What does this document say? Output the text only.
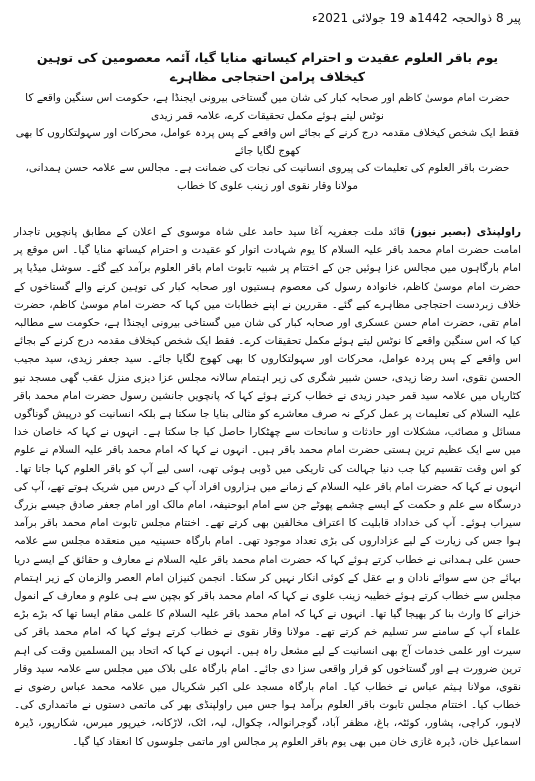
پیر 8 ذوالحجہ 1442ھ 19 جولائی 2021ء
یوم باقر العلوم عقیدت و احترام کیساتھ منایا گیا، آئمہ معصومین کی توہین کیخلاف پرامن احتجاجی مظاہرے

حضرت امام موسیٰ کاظم اور صحابہ کبار کی شان میں گستاخی بیرونی ایجنڈا ہے، حکومت اس سنگین واقعے کا نوٹس لیتے ہوئے مکمل تحقیقات کرے، علامہ قمر زیدی

فقط ایک شخص کیخلاف مقدمہ درج کرنے کے بجائے اس واقعے کے پس پردہ عوامل، محرکات اور سہولتکاروں کا بھی کھوج لگایا جائے

حضرت باقر العلوم کی تعلیمات کی پیروی انسانیت کی نجات کی ضمانت ہے۔ مجالس سے علامہ حسن ہمدانی، مولانا وقار نقوی اور زینب علوی کا خطاب

راولپنڈی (بصیر نیوز) قائد ملت جعفریہ آغا سید حامد علی شاہ موسوی کے اعلان کے مطابق پانچویں تاجدار امامت حضرت امام محمد باقر علیہ السلام کا یوم شہادت اتوار کو عقیدت و احترام کیساتھ منایا گیا۔ اس موقع پر امام بارگاہوں میں مجالس عزا ہوئیں جن کے اختتام پر شبیہ تابوت امام باقر العلوم برآمد کیے گئے۔ سوشل میڈیا پر حضرت امام موسیٰ کاظم، خانوادہ رسول کی معصوم ہستیوں اور صحابہ کبار کی توہین کرنے والے گستاخوں کے خلاف زبردست احتجاجی مظاہرے کیے گئے۔ مقررین نے اپنے خطابات میں کہا کہ حضرت امام موسیٰ کاظم، حضرت امام تقی، حضرت امام حسن عسکری اور صحابہ کبار کی شان میں گستاخی بیرونی ایجنڈا ہے، حکومت سے مطالبہ کیا کہ اس سنگین واقعے کا نوٹس لیتے ہوئے مکمل تحقیقات کرے۔ فقط ایک شخص کیخلاف مقدمہ درج کرنے کے بجائے اس واقعے کے پس پردہ عوامل، محرکات اور سہولتکاروں کا بھی کھوج لگایا جائے۔ سید جعفر زیدی، سید مجیب الحسن نقوی، اسد رضا زیدی، حسن شبیر شگری کی زیر اہتمام سالانہ مجلس عزا دیزی منزل عقب گھی مسجد نیو کٹاریاں میں علامہ سید قمر حیدر زیدی نے خطاب کرتے ہوئے کہا کہ پانچویں جانشین رسول حضرت امام محمد باقر علیہ السلام کی تعلیمات پر عمل کرکے نہ صرف معاشرے کو مثالی بنایا جا سکتا ہے بلکہ انسانیت کو درپیش گوناگوں مسائل و مصائب، مشکلات اور حادثات و سانحات سے چھٹکارا حاصل کیا جا سکتا ہے۔ انہوں نے کہا کہ خاصان خدا میں سے ایک عظیم ترین ہستی حضرت امام محمد باقر ہیں۔ انہوں نے کہا کہ امام محمد باقر علیہ السلام نے علوم کو اس وقت تقسیم کیا جب دنیا جہالت کی تاریکی میں ڈوبی ہوئی تھی، اسی لیے آپ کو باقر العلوم کہا جاتا تھا۔ انہوں نے کہا کہ حضرت امام باقر علیہ السلام کے زمانے میں ہزاروں افراد آپ کے درس میں شریک ہوتے تھے، آپ کی درسگاہ سے علم و حکمت کے ایسے چشمے پھوٹے جن سے امام ابوحنیفہ، امام مالک اور امام جعفر صادق جیسے بزرگ سیراب ہوئے۔ آپ کی خداداد قابلیت کا اعتراف مخالفین بھی کرتے تھے۔ اختتام مجلس تابوت امام محمد باقر برآمد ہوا جس کی زیارت کے لیے عزاداروں کی بڑی تعداد موجود تھی۔ امام بارگاہ حسینیہ میں منعقدہ مجلس سے علامہ حسن علی ہمدانی نے خطاب کرتے ہوئے کہا کہ حضرت امام محمد باقر علیہ السلام نے معارف و حقائق کے ایسے دریا بہائے جن سے سوائے نادان و بے عقل کے کوئی انکار نہیں کر سکتا۔ انجمن کنیزان امام العصر والزمان کے زیر اہتمام مجلس سے خطاب کرتے ہوئے خطیبہ زینب علوی نے کہا کہ امام محمد باقر کو بچپن سے ہی علوم و معارف کے انمول خزانے کا وارث بنا کر بھیجا گیا تھا۔ انہوں نے کہا کہ امام محمد باقر علیہ السلام کا علمی مقام ایسا تھا کہ بڑے بڑے علماء آپ کے سامنے سر تسلیم خم کرتے تھے۔ مولانا وقار نقوی نے خطاب کرتے ہوئے کہا کہ امام محمد باقر کی سیرت اور علمی خدمات آج بھی انسانیت کے لیے مشعل راہ ہیں۔ انہوں نے کہا کہ اتحاد بین المسلمین وقت کی اہم ترین ضرورت ہے اور گستاخوں کو قرار واقعی سزا دی جائے۔ امام بارگاہ علی بلاک میں مجلس سے علامہ سید وقار نقوی، مولانا ہیثم عباس نے خطاب کیا۔ امام بارگاہ مسجد علی اکبر شکریال میں علامہ محمد عباس رضوی نے خطاب کیا۔ اختتام مجلس تابوت باقر العلوم برآمد ہوا جس میں راولپنڈی بھر کی ماتمی دستوں نے ماتمداری کی۔ لاہور، کراچی، پشاور، کوئٹہ، باغ، مظفر آباد، گوجرانوالہ، چکوال، لیہ، اٹک، لاڑکانہ، خیرپور میرس، شکارپور، ڈیرہ اسماعیل خان، ڈیرہ غازی خان میں بھی یوم باقر العلوم پر مجالس اور ماتمی جلوسوں کا انعقاد کیا گیا۔
